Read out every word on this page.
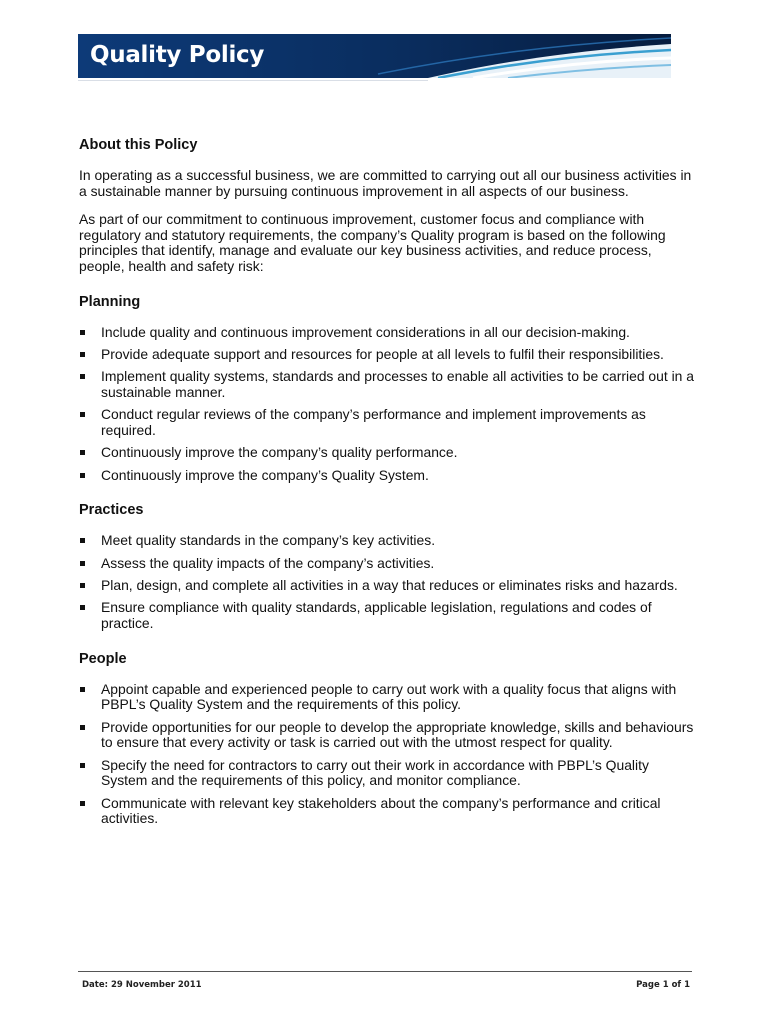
Quality Policy
About this Policy

In operating as a successful business, we are committed to carrying out all our business activities in a sustainable manner by pursuing continuous improvement in all aspects of our business.

As part of our commitment to continuous improvement, customer focus and compliance with regulatory and statutory requirements, the company’s Quality program is based on the following principles that identify, manage and evaluate our key business activities, and reduce process, people, health and safety risk:

Planning
Include quality and continuous improvement considerations in all our decision-making.
Provide adequate support and resources for people at all levels to fulfil their responsibilities.
Implement quality systems, standards and processes to enable all activities to be carried out in a sustainable manner.
Conduct regular reviews of the company’s performance and implement improvements as required.
Continuously improve the company’s quality performance.
Continuously improve the company’s Quality System.
Practices
Meet quality standards in the company’s key activities.
Assess the quality impacts of the company’s activities.
Plan, design, and complete all activities in a way that reduces or eliminates risks and hazards.
Ensure compliance with quality standards, applicable legislation, regulations and codes of practice.
People
Appoint capable and experienced people to carry out work with a quality focus that aligns with PBPL’s Quality System and the requirements of this policy.
Provide opportunities for our people to develop the appropriate knowledge, skills and behaviours to ensure that every activity or task is carried out with the utmost respect for quality.
Specify the need for contractors to carry out their work in accordance with PBPL’s Quality System and the requirements of this policy, and monitor compliance.
Communicate with relevant key stakeholders about the company’s performance and critical activities.
Date: 29 November 2011	Page 1 of 1
